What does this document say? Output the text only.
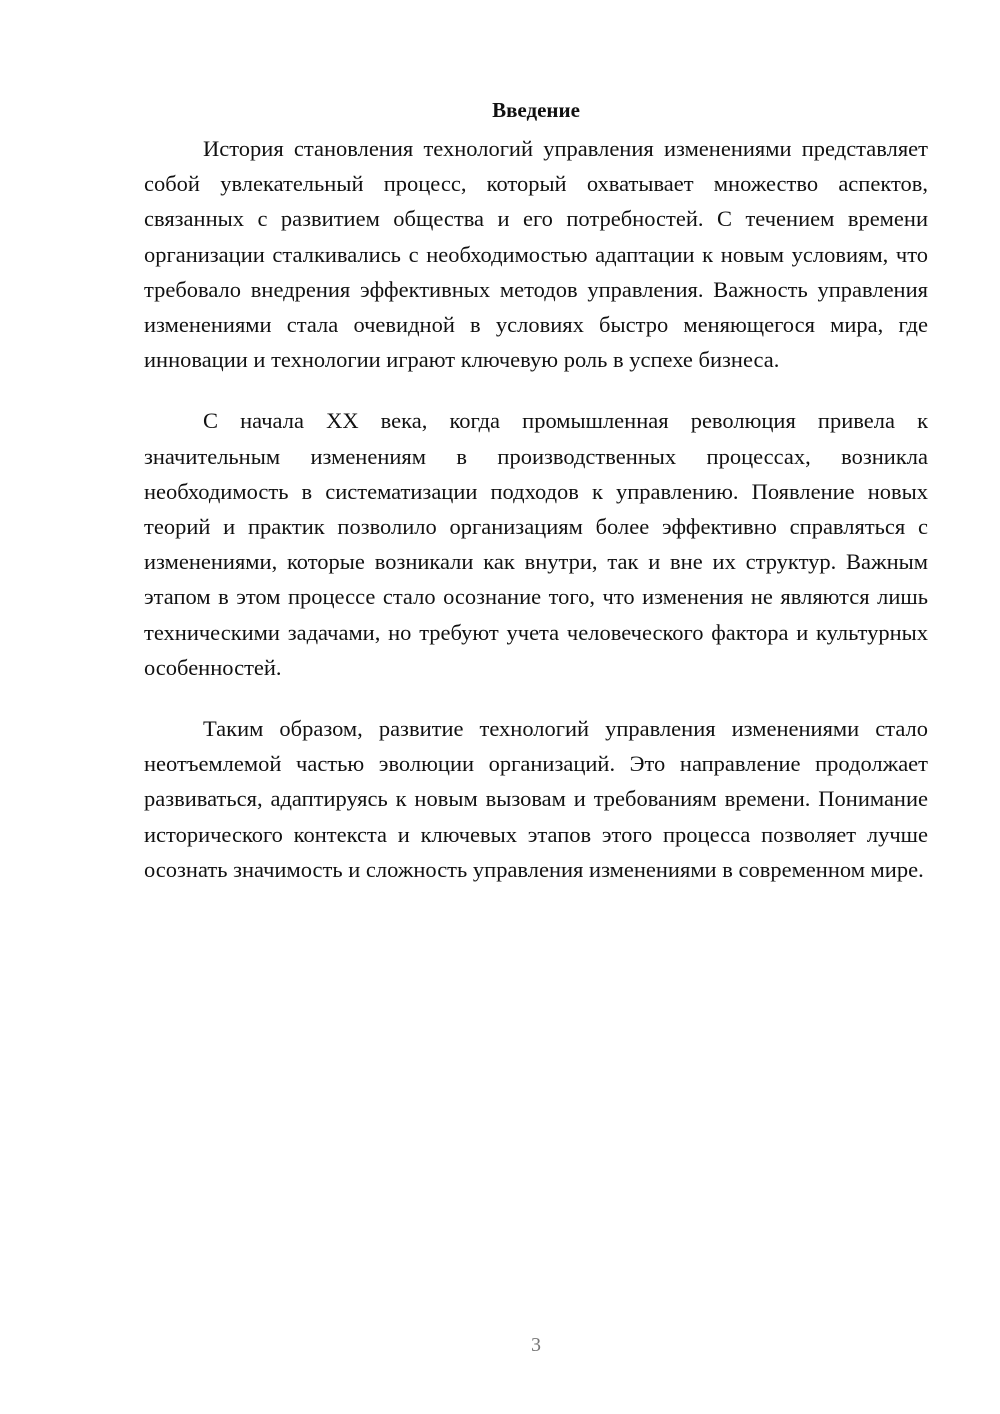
Введение

История становления технологий управления изменениями представляет собой увлекательный процесс, который охватывает множество аспектов, связанных с развитием общества и его потребностей. С течением времени организации сталкивались с необходимостью адаптации к новым условиям, что требовало внедрения эффективных методов управления. Важность управления изменениями стала очевидной в условиях быстро меняющегося мира, где инновации и технологии играют ключевую роль в успехе бизнеса.

С начала XX века, когда промышленная революция привела к значительным изменениям в производственных процессах, возникла необходимость в систематизации подходов к управлению. Появление новых теорий и практик позволило организациям более эффективно справляться с изменениями, которые возникали как внутри, так и вне их структур. Важным этапом в этом процессе стало осознание того, что изменения не являются лишь техническими задачами, но требуют учета человеческого фактора и культурных особенностей.

Таким образом, развитие технологий управления изменениями стало неотъемлемой частью эволюции организаций. Это направление продолжает развиваться, адаптируясь к новым вызовам и требованиям времени. Понимание исторического контекста и ключевых этапов этого процесса позволяет лучше осознать значимость и сложность управления изменениями в современном мире.

3
